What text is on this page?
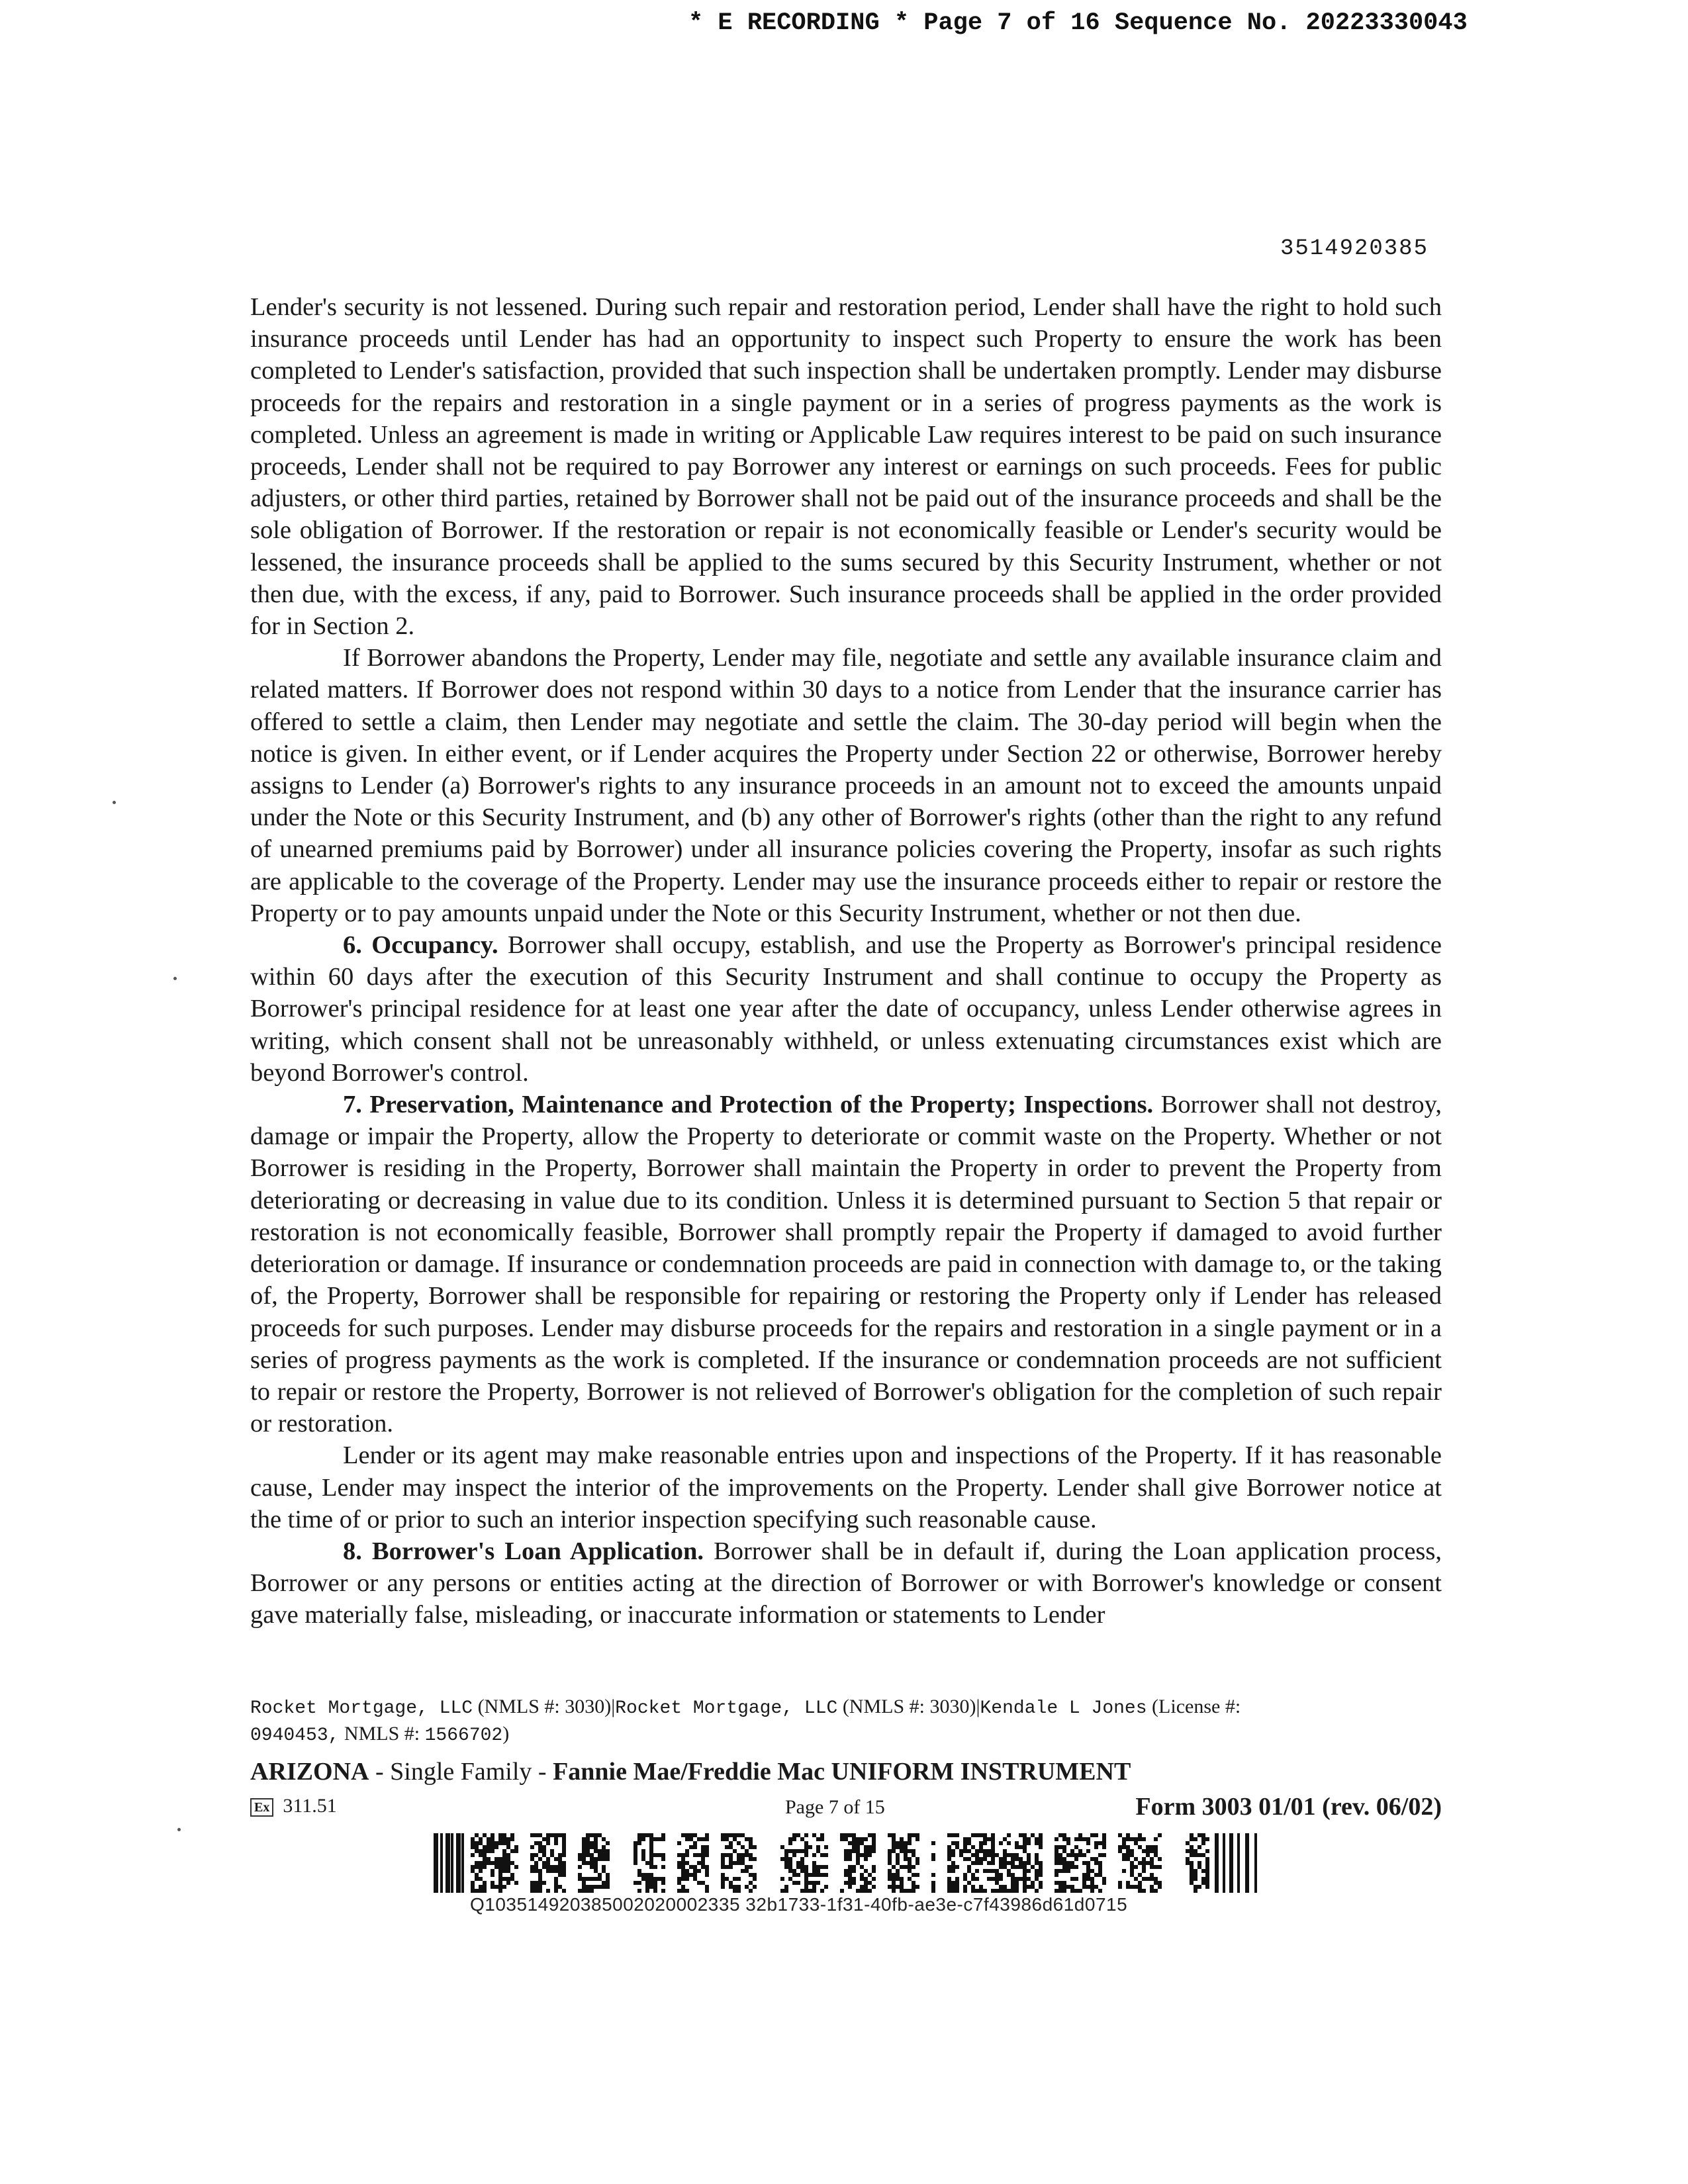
* E RECORDING * Page 7 of 16 Sequence No. 20223330043
3514920385

Lender's security is not lessened. During such repair and restoration period, Lender shall have the right to hold such insurance proceeds until Lender has had an opportunity to inspect such Property to ensure the work has been completed to Lender's satisfaction, provided that such inspection shall be undertaken promptly. Lender may disburse proceeds for the repairs and restoration in a single payment or in a series of progress payments as the work is completed. Unless an agreement is made in writing or Applicable Law requires interest to be paid on such insurance proceeds, Lender shall not be required to pay Borrower any interest or earnings on such proceeds. Fees for public adjusters, or other third parties, retained by Borrower shall not be paid out of the insurance proceeds and shall be the sole obligation of Borrower. If the restoration or repair is not economically feasible or Lender's security would be lessened, the insurance proceeds shall be applied to the sums secured by this Security Instrument, whether or not then due, with the excess, if any, paid to Borrower. Such insurance proceeds shall be applied in the order provided for in Section 2.

If Borrower abandons the Property, Lender may file, negotiate and settle any available insurance claim and related matters. If Borrower does not respond within 30 days to a notice from Lender that the insurance carrier has offered to settle a claim, then Lender may negotiate and settle the claim. The 30-day period will begin when the notice is given. In either event, or if Lender acquires the Property under Section 22 or otherwise, Borrower hereby assigns to Lender (a) Borrower's rights to any insurance proceeds in an amount not to exceed the amounts unpaid under the Note or this Security Instrument, and (b) any other of Borrower's rights (other than the right to any refund of unearned premiums paid by Borrower) under all insurance policies covering the Property, insofar as such rights are applicable to the coverage of the Property. Lender may use the insurance proceeds either to repair or restore the Property or to pay amounts unpaid under the Note or this Security Instrument, whether or not then due.

6. Occupancy. Borrower shall occupy, establish, and use the Property as Borrower's principal residence within 60 days after the execution of this Security Instrument and shall continue to occupy the Property as Borrower's principal residence for at least one year after the date of occupancy, unless Lender otherwise agrees in writing, which consent shall not be unreasonably withheld, or unless extenuating circumstances exist which are beyond Borrower's control.

7. Preservation, Maintenance and Protection of the Property; Inspections. Borrower shall not destroy, damage or impair the Property, allow the Property to deteriorate or commit waste on the Property. Whether or not Borrower is residing in the Property, Borrower shall maintain the Property in order to prevent the Property from deteriorating or decreasing in value due to its condition. Unless it is determined pursuant to Section 5 that repair or restoration is not economically feasible, Borrower shall promptly repair the Property if damaged to avoid further deterioration or damage. If insurance or condemnation proceeds are paid in connection with damage to, or the taking of, the Property, Borrower shall be responsible for repairing or restoring the Property only if Lender has released proceeds for such purposes. Lender may disburse proceeds for the repairs and restoration in a single payment or in a series of progress payments as the work is completed. If the insurance or condemnation proceeds are not sufficient to repair or restore the Property, Borrower is not relieved of Borrower's obligation for the completion of such repair or restoration.

Lender or its agent may make reasonable entries upon and inspections of the Property. If it has reasonable cause, Lender may inspect the interior of the improvements on the Property. Lender shall give Borrower notice at the time of or prior to such an interior inspection specifying such reasonable cause.

8. Borrower's Loan Application. Borrower shall be in default if, during the Loan application process, Borrower or any persons or entities acting at the direction of Borrower or with Borrower's knowledge or consent gave materially false, misleading, or inaccurate information or statements to Lender

Rocket Mortgage, LLC (NMLS #: 3030)|Rocket Mortgage, LLC (NMLS #: 3030)|Kendale L Jones (License #:
0940453, NMLS #: 1566702)
ARIZONA - Single Family - Fannie Mae/Freddie Mac UNIFORM INSTRUMENT
Ex 311.51	Page 7 of 15	Form 3003 01/01 (rev. 06/02)
Q103514920385002020002335 32b1733-1f31-40fb-ae3e-c7f43986d61d0715
